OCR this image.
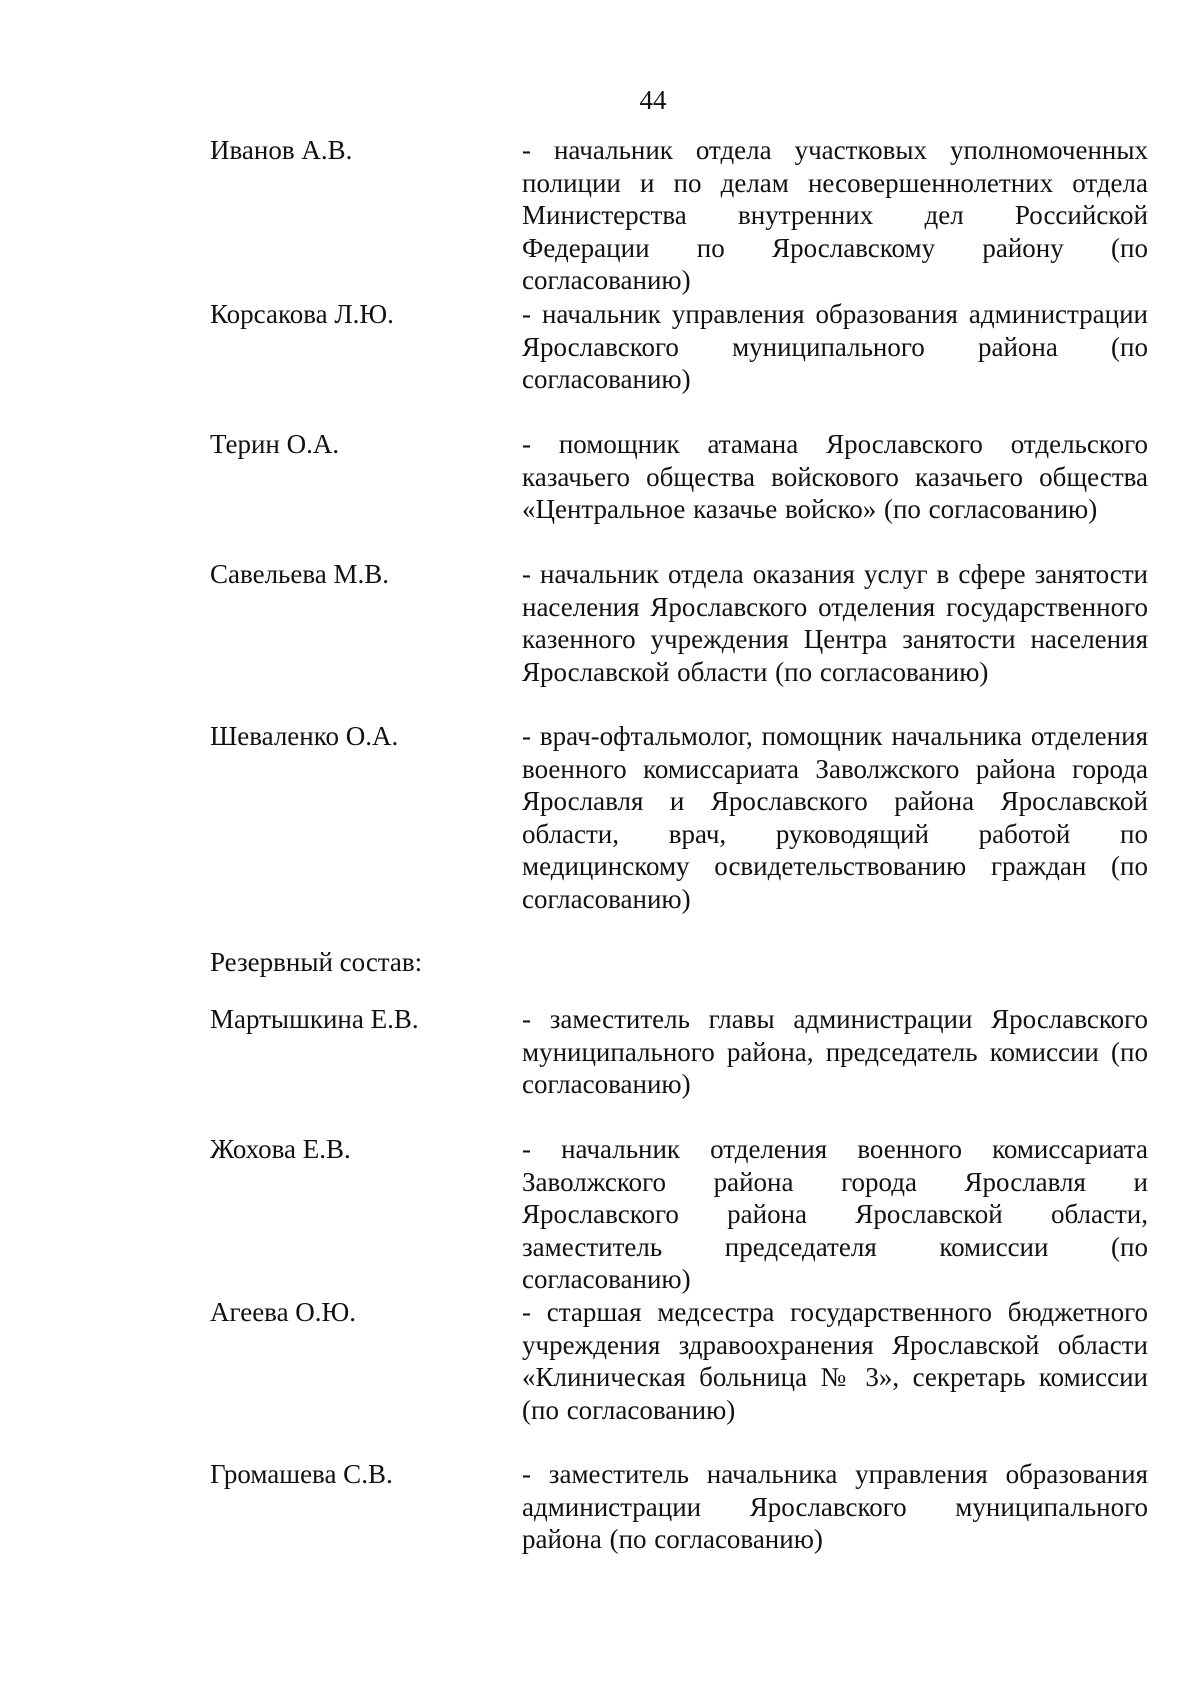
44
Иванов А.В.	- начальник отдела участковых уполномоченных полиции и по делам несовершеннолетних отдела Министерства внутренних дел Российской Федерации по Ярославскому району (по согласованию)
Корсакова Л.Ю.	- начальник управления образования администрации Ярославского муниципального района (по согласованию)
Терин О.А.	- помощник атамана Ярославского отдельского казачьего общества войскового казачьего общества «Центральное казачье войско» (по согласованию)
Савельева М.В.	- начальник отдела оказания услуг в сфере занятости населения Ярославского отделения государственного казенного учреждения Центра занятости населения Ярославской области (по согласованию)
Шеваленко О.А.	- врач-офтальмолог, помощник начальника отделения военного комиссариата Заволжского района города Ярославля и Ярославского района Ярославской области, врач, руководящий работой по медицинскому освидетельствованию граждан (по согласованию)
Резервный состав:
Мартышкина Е.В.	- заместитель главы администрации Ярославского муниципального района, председатель комиссии (по согласованию)
Жохова Е.В.	- начальник отделения военного комиссариата Заволжского района города Ярославля и Ярославского района Ярославской области, заместитель председателя комиссии (по согласованию)
Агеева О.Ю.	- старшая медсестра государственного бюджетного учреждения здравоохранения Ярославской области «Клиническая больница № 3», секретарь комиссии (по согласованию)
Громашева С.В.	- заместитель начальника управления образования администрации Ярославского муниципального района (по согласованию)
